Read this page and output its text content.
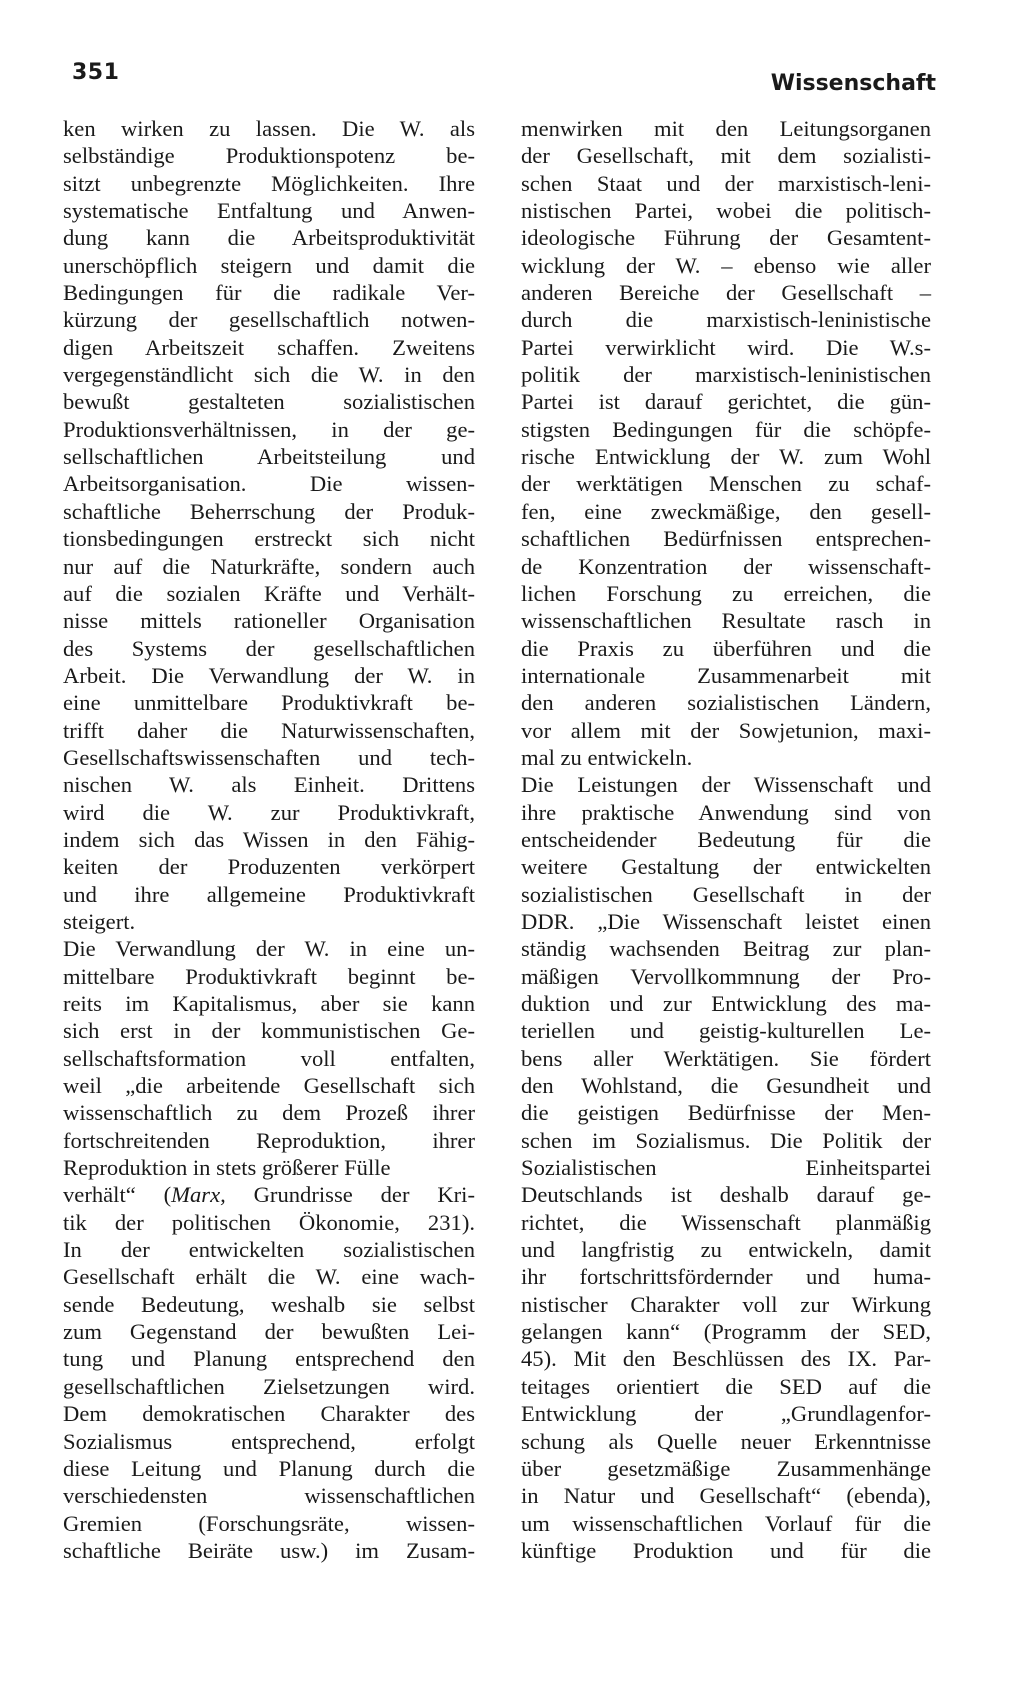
351	Wissenschaft
ken wirken zu lassen. Die W. als
selbständige Produktionspotenz be-
sitzt unbegrenzte Möglichkeiten. Ihre
systematische Entfaltung und Anwen-
dung kann die Arbeitsproduktivität
unerschöpflich steigern und damit die
Bedingungen für die radikale Ver-
kürzung der gesellschaftlich notwen-
digen Arbeitszeit schaffen. Zweitens
vergegenständlicht sich die W. in den
bewußt gestalteten sozialistischen
Produktionsverhältnissen, in der ge-
sellschaftlichen Arbeitsteilung und
Arbeitsorganisation. Die wissen-
schaftliche Beherrschung der Produk-
tionsbedingungen erstreckt sich nicht
nur auf die Naturkräfte, sondern auch
auf die sozialen Kräfte und Verhält-
nisse mittels rationeller Organisation
des Systems der gesellschaftlichen
Arbeit. Die Verwandlung der W. in
eine unmittelbare Produktivkraft be-
trifft daher die Naturwissenschaften,
Gesellschaftswissenschaften und tech-
nischen W. als Einheit. Drittens
wird die W. zur Produktivkraft,
indem sich das Wissen in den Fähig-
keiten der Produzenten verkörpert
und ihre allgemeine Produktivkraft
steigert.
Die Verwandlung der W. in eine un-
mittelbare Produktivkraft beginnt be-
reits im Kapitalismus, aber sie kann
sich erst in der kommunistischen Ge-
sellschaftsformation voll entfalten,
weil „die arbeitende Gesellschaft sich
wissenschaftlich zu dem Prozeß ihrer
fortschreitenden Reproduktion, ihrer
Reproduktion in stets größerer Fülle
verhält“ (Marx, Grundrisse der Kri-
tik der politischen Ökonomie, 231).
In der entwickelten sozialistischen
Gesellschaft erhält die W. eine wach-
sende Bedeutung, weshalb sie selbst
zum Gegenstand der bewußten Lei-
tung und Planung entsprechend den
gesellschaftlichen Zielsetzungen wird.
Dem demokratischen Charakter des
Sozialismus entsprechend, erfolgt
diese Leitung und Planung durch die
verschiedensten wissenschaftlichen
Gremien (Forschungsräte, wissen-
schaftliche Beiräte usw.) im Zusam-
menwirken mit den Leitungsorganen
der Gesellschaft, mit dem sozialisti-
schen Staat und der marxistisch-leni-
nistischen Partei, wobei die politisch-
ideologische Führung der Gesamtent-
wicklung der W. – ebenso wie aller
anderen Bereiche der Gesellschaft –
durch die marxistisch-leninistische
Partei verwirklicht wird. Die W.s-
politik der marxistisch-leninistischen
Partei ist darauf gerichtet, die gün-
stigsten Bedingungen für die schöpfe-
rische Entwicklung der W. zum Wohl
der werktätigen Menschen zu schaf-
fen, eine zweckmäßige, den gesell-
schaftlichen Bedürfnissen entsprechen-
de Konzentration der wissenschaft-
lichen Forschung zu erreichen, die
wissenschaftlichen Resultate rasch in
die Praxis zu überführen und die
internationale Zusammenarbeit mit
den anderen sozialistischen Ländern,
vor allem mit der Sowjetunion, maxi-
mal zu entwickeln.
Die Leistungen der Wissenschaft und
ihre praktische Anwendung sind von
entscheidender Bedeutung für die
weitere Gestaltung der entwickelten
sozialistischen Gesellschaft in der
DDR. „Die Wissenschaft leistet einen
ständig wachsenden Beitrag zur plan-
mäßigen Vervollkommnung der Pro-
duktion und zur Entwicklung des ma-
teriellen und geistig-kulturellen Le-
bens aller Werktätigen. Sie fördert
den Wohlstand, die Gesundheit und
die geistigen Bedürfnisse der Men-
schen im Sozialismus. Die Politik der
Sozialistischen Einheitspartei
Deutschlands ist deshalb darauf ge-
richtet, die Wissenschaft planmäßig
und langfristig zu entwickeln, damit
ihr fortschrittsfördernder und huma-
nistischer Charakter voll zur Wirkung
gelangen kann“ (Programm der SED,
45). Mit den Beschlüssen des IX. Par-
teitages orientiert die SED auf die
Entwicklung der „Grundlagenfor-
schung als Quelle neuer Erkenntnisse
über gesetzmäßige Zusammenhänge
in Natur und Gesellschaft“ (ebenda),
um wissenschaftlichen Vorlauf für die
künftige Produktion und für die
